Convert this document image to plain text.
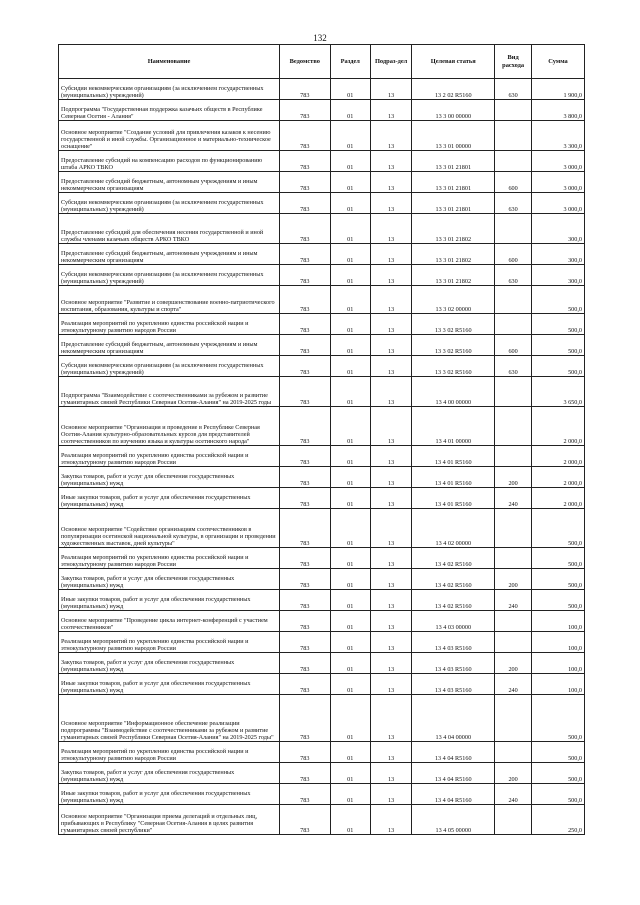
132
Наименование	Ведомство	Раздел	Подраз-дел	Целевая статья	Вид расхода	Сумма
Субсидии некоммерческим организациям (за исключением государственных (муниципальных) учреждений)	783	01	13	13 2 02 R5160	630	1 900,0
Подпрограмма "Государственная поддержка казачьих обществ в Республике Северная Осетия - Алания"	783	01	13	13 3 00 00000		3 800,0
Основное мероприятие "Создание условий для привлечения казаков к несению государственной и иной службы. Организационное и материально-техническое оснащение"	783	01	13	13 3 01 00000		3 300,0
Предоставление субсидий на компенсацию расходов по функционированию штаба АРКО ТВКО	783	01	13	13 3 01 21801		3 000,0
Предоставление субсидий бюджетным, автономным учреждениям и иным некоммерческим организациям	783	01	13	13 3 01 21801	600	3 000,0
Субсидии некоммерческим организациям (за исключением государственных (муниципальных) учреждений)	783	01	13	13 3 01 21801	630	3 000,0
Предоставление субсидий для обеспечения несения государственной и иной службы членами казачьих обществ АРКО ТВКО	783	01	13	13 3 01 21802		300,0
Предоставление субсидий бюджетным, автономным учреждениям и иным некоммерческим организациям	783	01	13	13 3 01 21802	600	300,0
Субсидии некоммерческим организациям (за исключением государственных (муниципальных) учреждений)	783	01	13	13 3 01 21802	630	300,0
Основное мероприятие "Развитие и совершенствование военно-патриотического воспитания, образования, культуры и спорта"	783	01	13	13 3 02 00000		500,0
Реализация мероприятий по укреплению единства российской нации и этнокультурному развитию народов России	783	01	13	13 3 02 R5160		500,0
Предоставление субсидий бюджетным, автономным учреждениям и иным некоммерческим организациям	783	01	13	13 3 02 R5160	600	500,0
Субсидии некоммерческим организациям (за исключением государственных (муниципальных) учреждений)	783	01	13	13 3 02 R5160	630	500,0
Подпрограмма "Взаимодействие с соотечественниками за рубежом и развитие гуманитарных связей Республики Северная Осетия-Алания" на 2019-2025 годы	783	01	13	13 4 00 00000		3 650,0
Основное мероприятие "Организация и проведение в Республике Северная Осетия-Алания культурно-образовательных курсов для представителей соотечественников по изучению языка и культуры осетинского народа"	783	01	13	13 4 01 00000		2 000,0
Реализация мероприятий по укреплению единства российской нации и этнокультурному развитию народов России	783	01	13	13 4 01 R5160		2 000,0
Закупка товаров, работ и услуг для обеспечения государственных (муниципальных) нужд	783	01	13	13 4 01 R5160	200	2 000,0
Иные закупки товаров, работ и услуг для обеспечения государственных (муниципальных) нужд	783	01	13	13 4 01 R5160	240	2 000,0
Основное мероприятие "Содействие организациям соотечественников в популяризации осетинской национальной культуры, в организации и проведении художественных выставок, дней культуры"	783	01	13	13 4 02 00000		500,0
Реализация мероприятий по укреплению единства российской нации и этнокультурному развитию народов России	783	01	13	13 4 02 R5160		500,0
Закупка товаров, работ и услуг для обеспечения государственных (муниципальных) нужд	783	01	13	13 4 02 R5160	200	500,0
Иные закупки товаров, работ и услуг для обеспечения государственных (муниципальных) нужд	783	01	13	13 4 02 R5160	240	500,0
Основное мероприятие "Проведение цикла интернет-конференций с участием соотечественников"	783	01	13	13 4 03 00000		100,0
Реализация мероприятий по укреплению единства российской нации и этнокультурному развитию народов России	783	01	13	13 4 03 R5160		100,0
Закупка товаров, работ и услуг для обеспечения государственных (муниципальных) нужд	783	01	13	13 4 03 R5160	200	100,0
Иные закупки товаров, работ и услуг для обеспечения государственных (муниципальных) нужд	783	01	13	13 4 03 R5160	240	100,0
Основное мероприятие "Информационное обеспечение реализации подпрограммы "Взаимодействие с соотечественниками за рубежом и развитие гуманитарных связей Республики Северная Осетия-Алания" на 2019-2025 годы"	783	01	13	13 4 04 00000		500,0
Реализация мероприятий по укреплению единства российской нации и этнокультурному развитию народов России	783	01	13	13 4 04 R5160		500,0
Закупка товаров, работ и услуг для обеспечения государственных (муниципальных) нужд	783	01	13	13 4 04 R5160	200	500,0
Иные закупки товаров, работ и услуг для обеспечения государственных (муниципальных) нужд	783	01	13	13 4 04 R5160	240	500,0
Основное мероприятие "Организация приема делегаций и отдельных лиц, прибывающих в Республику "Северная Осетия-Алания в целях развития гуманитарных связей республики"	783	01	13	13 4 05 00000		250,0
